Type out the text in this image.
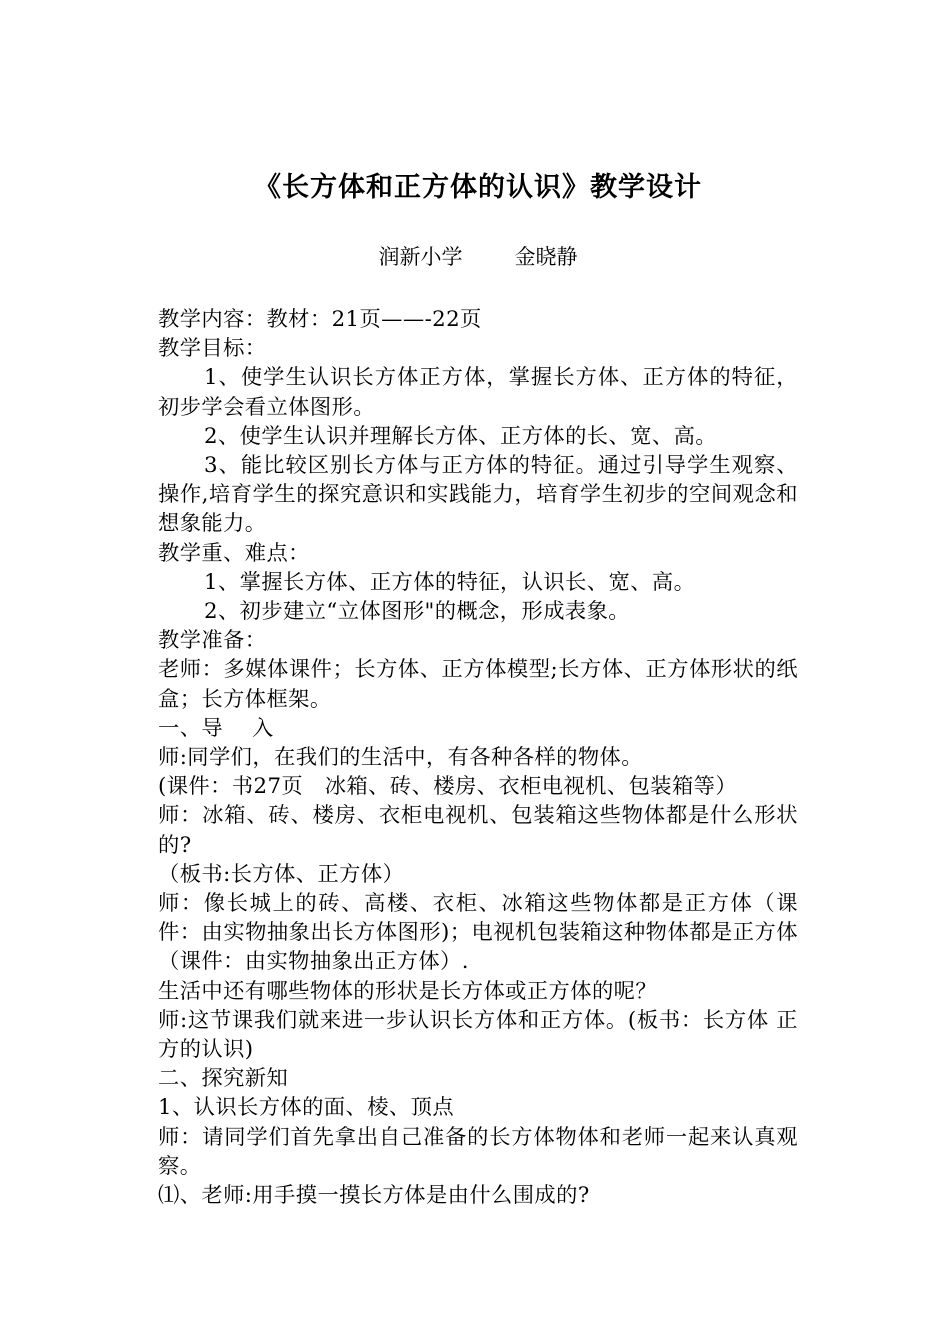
《长方体和正方体的认识》教学设计
润新小学 金晓静

教学内容：教材：21页——-22页

教学目标：

1、使学生认识长方体正方体，掌握长方体、正方体的特征，初步学会看立体图形。

2、使学生认识并理解长方体、正方体的长、宽、高。

3、能比较区别长方体与正方体的特征。通过引导学生观察、操作,培育学生的探究意识和实践能力，培育学生初步的空间观念和想象能力。

教学重、难点：

1、掌握长方体、正方体的特征，认识长、宽、高。

2、初步建立“立体图形"的概念，形成表象。

教学准备：

老师：多媒体课件；长方体、正方体模型;长方体、正方体形状的纸盒；长方体框架。

一、导　 入

师:同学们，在我们的生活中，有各种各样的物体。

(课件：书27页　冰箱、砖、楼房、衣柜电视机、包装箱等）

师：冰箱、砖、楼房、衣柜电视机、包装箱这些物体都是什么形状的?

（板书:长方体、正方体）

师：像长城上的砖、高楼、衣柜、冰箱这些物体都是正方体（课件：由实物抽象出长方体图形)；电视机包装箱这种物体都是正方体（课件：由实物抽象出正方体）.

生活中还有哪些物体的形状是长方体或正方体的呢？

师:这节课我们就来进一步认识长方体和正方体。(板书：长方体 正方的认识)

二、探究新知

1、认识长方体的面、棱、顶点

师：请同学们首先拿出自己准备的长方体物体和老师一起来认真观察。

⑴、老师:用手摸一摸长方体是由什么围成的?
